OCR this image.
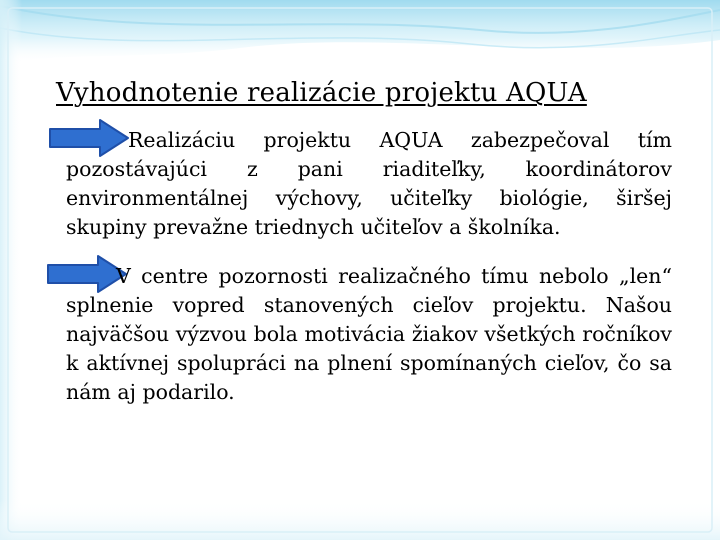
Vyhodnotenie realizácie projektu AQUA

Realizáciu projektu AQUA zabezpečoval tím pozostávajúci z pani riaditeľky, koordinátorov environmentálnej výchovy, učiteľky biológie, širšej skupiny prevažne triednych učiteľov a školníka.

V centre pozornosti realizačného tímu nebolo „len“ splnenie vopred stanovených cieľov projektu. Našou najväčšou výzvou bola motivácia žiakov všetkých ročníkov k aktívnej spolupráci na plnení spomínaných cieľov, čo sa nám aj podarilo.
